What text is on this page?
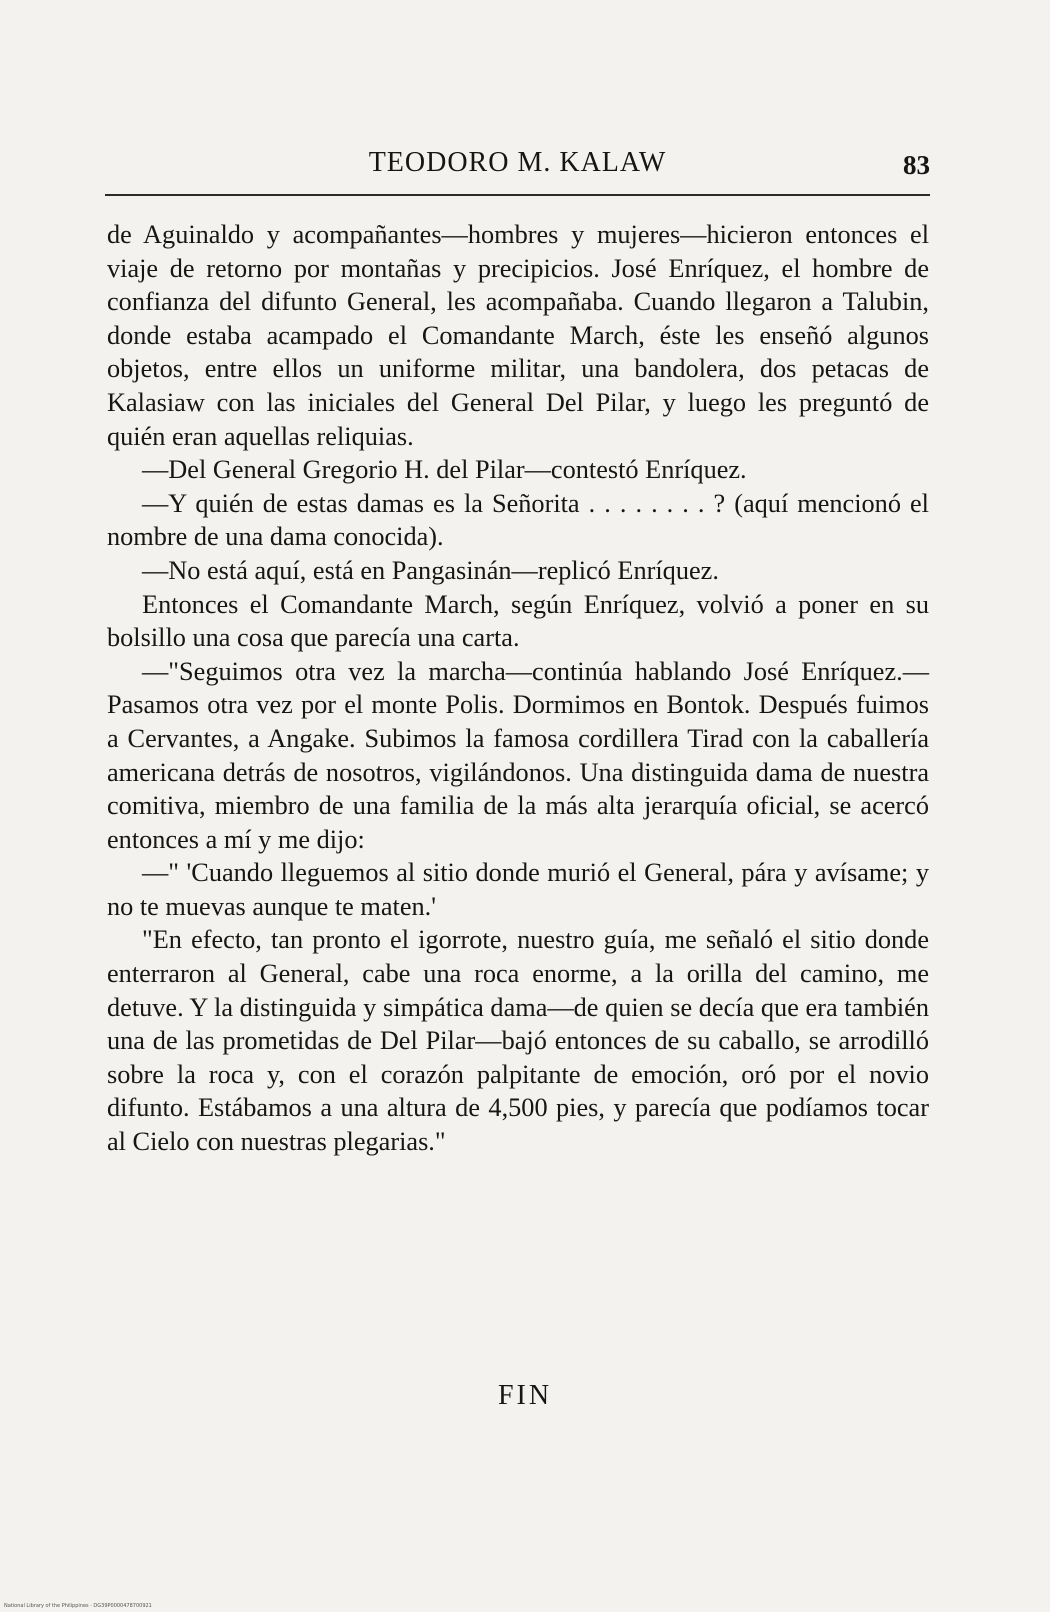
TEODORO M. KALAW	83

de Aguinaldo y acompañantes—hombres y mujeres—hicieron entonces el viaje de retorno por montañas y precipicios. José Enríquez, el hombre de confianza del difunto General, les acompañaba. Cuando llegaron a Talubin, donde estaba acampado el Comandante March, éste les enseñó algunos objetos, entre ellos un uniforme militar, una bandolera, dos petacas de Kalasiaw con las iniciales del General Del Pilar, y luego les preguntó de quién eran aquellas reliquias.

—Del General Gregorio H. del Pilar—contestó Enríquez.

—Y quién de estas damas es la Señorita . . . . . . . . ? (aquí mencionó el nombre de una dama conocida).

—No está aquí, está en Pangasinán—replicó Enríquez.

Entonces el Comandante March, según Enríquez, volvió a poner en su bolsillo una cosa que parecía una carta.

—"Seguimos otra vez la marcha—continúa hablando José Enríquez.—Pasamos otra vez por el monte Polis. Dormimos en Bontok. Después fuimos a Cervantes, a Angake. Subimos la famosa cordillera Tirad con la caballería americana detrás de nosotros, vigilándonos. Una distinguida dama de nuestra comitiva, miembro de una familia de la más alta jerarquía oficial, se acercó entonces a mí y me dijo:

—" 'Cuando lleguemos al sitio donde murió el General, pára y avísame; y no te muevas aunque te maten.'

"En efecto, tan pronto el igorrote, nuestro guía, me señaló el sitio donde enterraron al General, cabe una roca enorme, a la orilla del camino, me detuve. Y la distinguida y simpática dama—de quien se decía que era también una de las prometidas de Del Pilar—bajó entonces de su caballo, se arrodilló sobre la roca y, con el corazón palpitante de emoción, oró por el novio difunto. Estábamos a una altura de 4,500 pies, y parecía que podíamos tocar al Cielo con nuestras plegarias."

FIN
National Library of the Philippines · DG39P0000478700921
